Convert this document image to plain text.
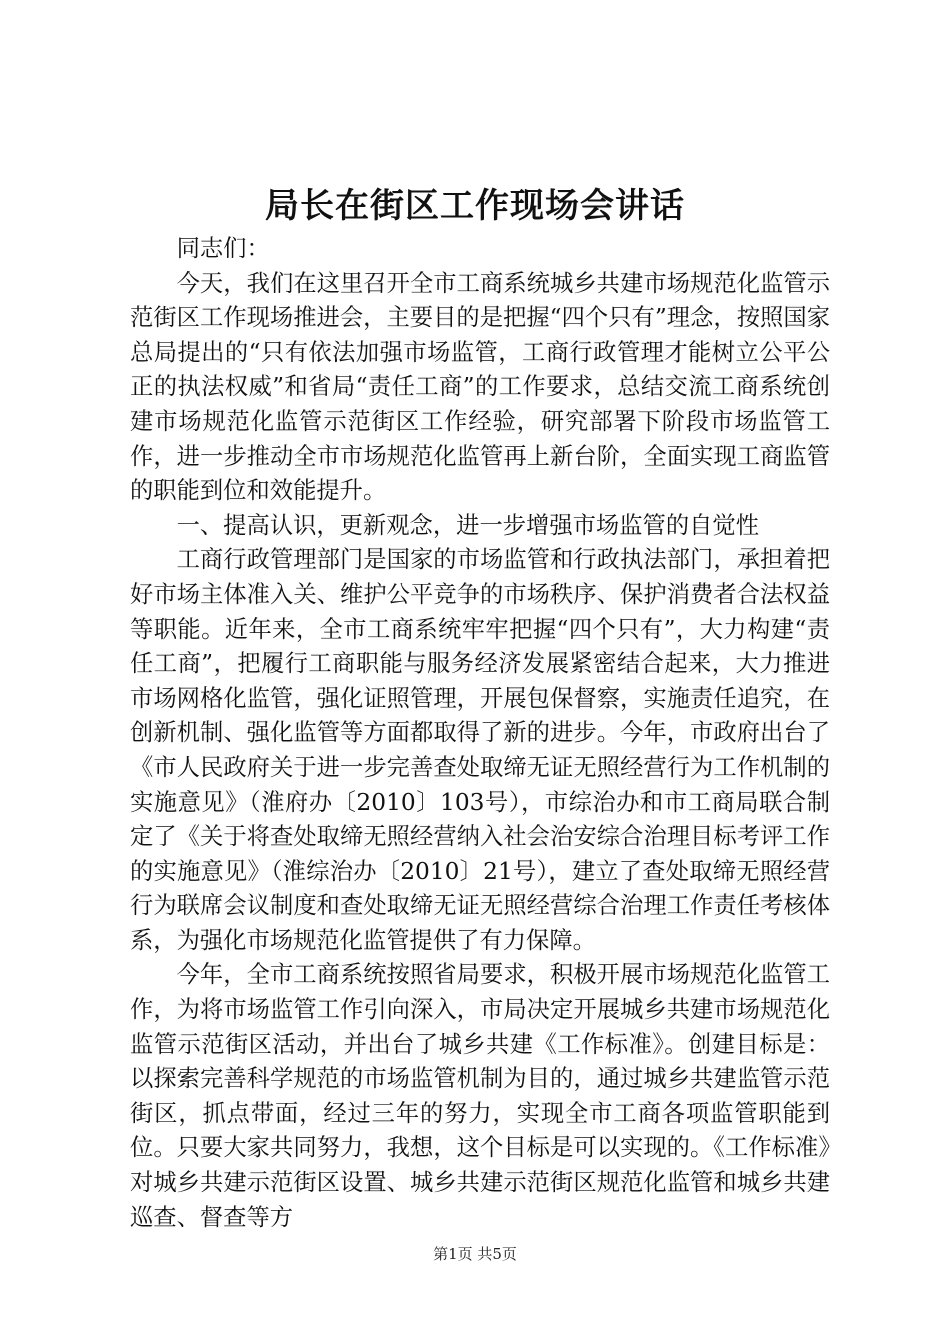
局长在街区工作现场会讲话

同志们：

今天，我们在这里召开全市工商系统城乡共建市场规范化监管示范街区工作现场推进会，主要目的是把握“四个只有”理念，按照国家总局提出的“只有依法加强市场监管，工商行政管理才能树立公平公正的执法权威”和省局“责任工商”的工作要求，总结交流工商系统创建市场规范化监管示范街区工作经验，研究部署下阶段市场监管工作，进一步推动全市市场规范化监管再上新台阶，全面实现工商监管的职能到位和效能提升。

一、提高认识，更新观念，进一步增强市场监管的自觉性

工商行政管理部门是国家的市场监管和行政执法部门，承担着把好市场主体准入关、维护公平竞争的市场秩序、保护消费者合法权益等职能。近年来，全市工商系统牢牢把握“四个只有”，大力构建“责任工商”，把履行工商职能与服务经济发展紧密结合起来，大力推进市场网格化监管，强化证照管理，开展包保督察，实施责任追究，在创新机制、强化监管等方面都取得了新的进步。今年，市政府出台了《市人民政府关于进一步完善查处取缔无证无照经营行为工作机制的实施意见》（淮府办〔2010〕103号），市综治办和市工商局联合制定了《关于将查处取缔无照经营纳入社会治安综合治理目标考评工作的实施意见》（淮综治办〔2010〕21号），建立了查处取缔无照经营行为联席会议制度和查处取缔无证无照经营综合治理工作责任考核体系，为强化市场规范化监管提供了有力保障。

今年，全市工商系统按照省局要求，积极开展市场规范化监管工作，为将市场监管工作引向深入，市局决定开展城乡共建市场规范化监管示范街区活动，并出台了城乡共建《工作标准》。创建目标是：以探索完善科学规范的市场监管机制为目的，通过城乡共建监管示范街区，抓点带面，经过三年的努力，实现全市工商各项监管职能到位。只要大家共同努力，我想，这个目标是可以实现的。《工作标准》对城乡共建示范街区设置、城乡共建示范街区规范化监管和城乡共建巡查、督查等方

第1页 共5页
